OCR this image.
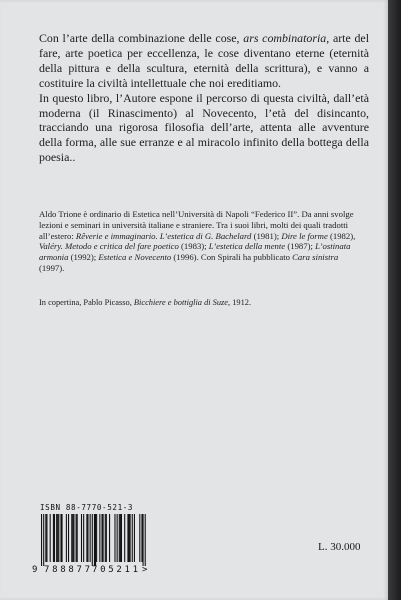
Con l’arte della combinazione delle cose, ars combinatoria, arte del fare, arte poetica per eccellenza, le cose diventano eterne (eternità della pittura e della scultura, eternità della scrittura), e vanno a costituire la civiltà intellettuale che noi ereditiamo.

In questo libro, l’Autore espone il percorso di questa civiltà, dall’età moderna (il Rinascimento) al Novecento, l’età del disincanto, tracciando una rigorosa filosofia dell’arte, attenta alle avventure della forma, alle sue erranze e al miracolo infinito della bottega della poesia..

Aldo Trione è ordinario di Estetica nell’Università di Napoli “Federico II”. Da anni svolge lezioni e seminari in università italiane e straniere. Tra i suoi libri, molti dei quali tradotti all’estero: Rêverie e immaginario. L’estetica di G. Bachelard (1981); Dire le forme (1982), Valéry. Metodo e critica del fare poetico (1983); L’estetica della mente (1987); L’ostinata armonia (1992); Estetica e Novecento (1996). Con Spirali ha pubblicato Cara sinistra (1997).

In copertina, Pablo Picasso, Bicchiere e bottiglia di Suze, 1912.
ISBN 88-7770-521-3
9 788877 705211 >
L. 30.000
